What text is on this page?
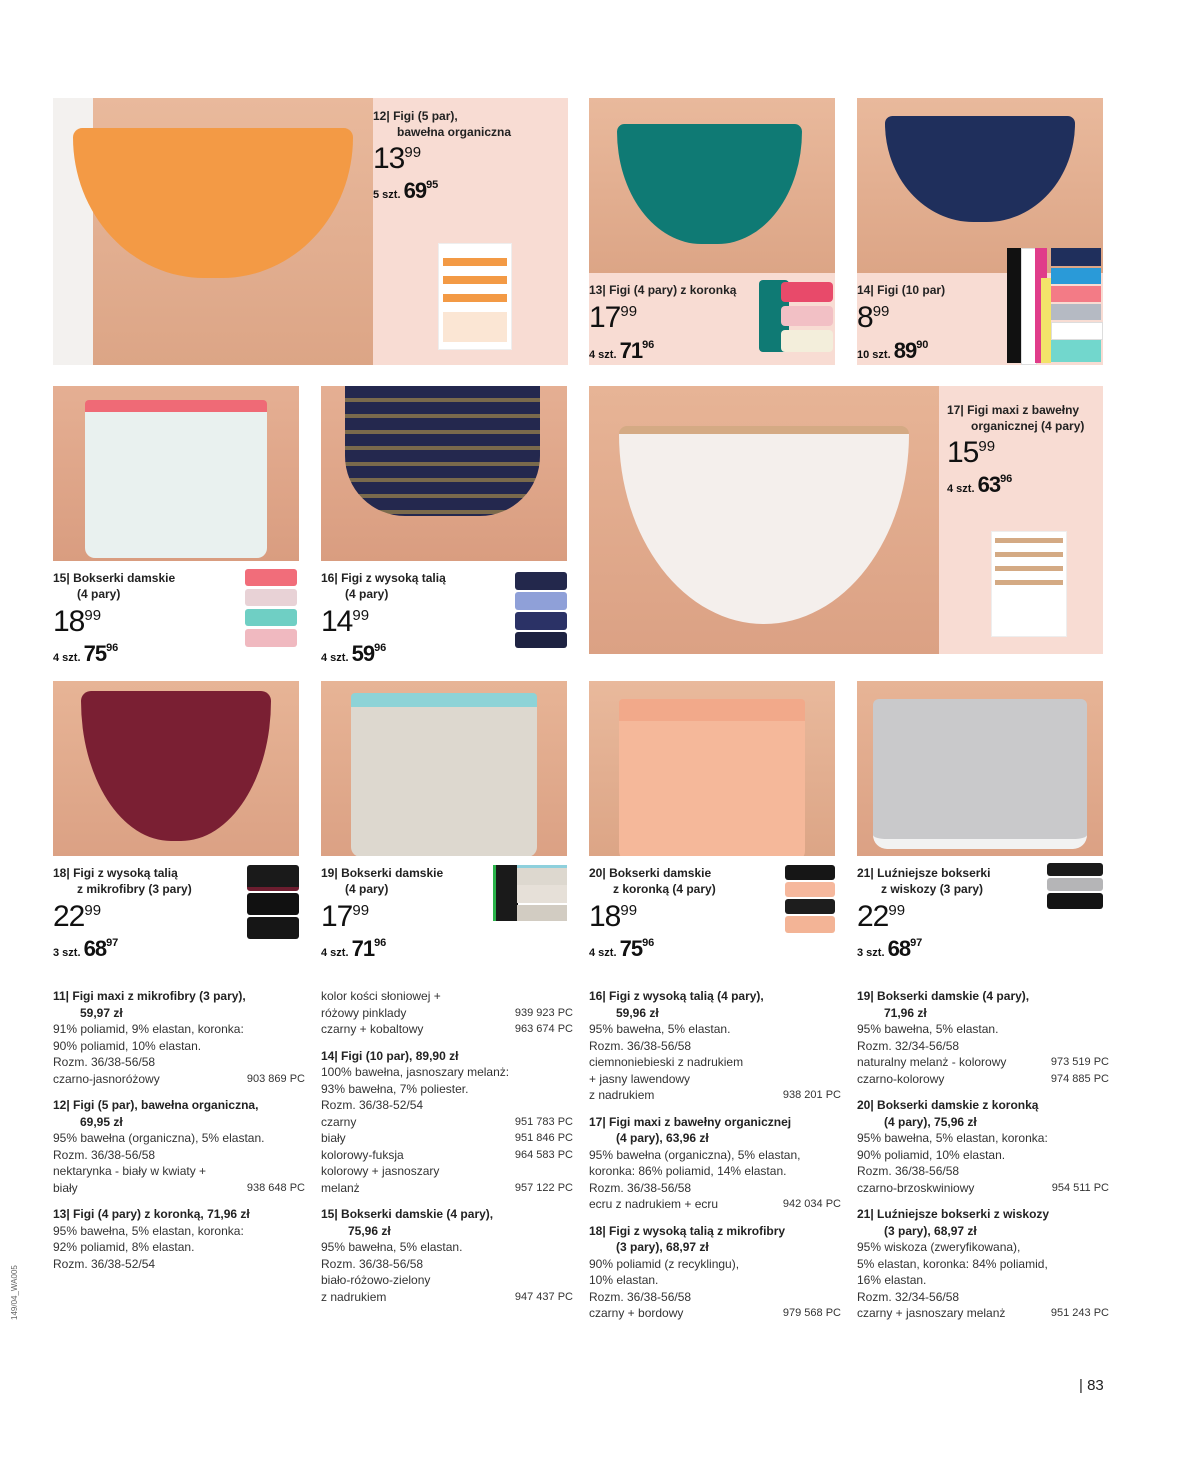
12| Figi (5 par),
bawełna organiczna
$13^{99}$
5 szt. $69^{95}$
13| Figi (4 pary) z koronką
$17^{99}$
4 szt. $71^{96}$
14| Figi (10 par)
$8^{99}$
10 szt. $89^{90}$
15| Bokserki damskie
(4 pary)
$18^{99}$
4 szt. $75^{96}$
16| Figi z wysoką talią
(4 pary)
$14^{99}$
4 szt. $59^{96}$
17| Figi maxi z bawełny
organicznej (4 pary)
$15^{99}$
4 szt. $63^{96}$
18| Figi z wysoką talią
z mikrofibry (3 pary)
$22^{99}$
3 szt. $68^{97}$
19| Bokserki damskie
(4 pary)
$17^{99}$
4 szt. $71^{96}$
20| Bokserki damskie
z koronką (4 pary)
$18^{99}$
4 szt. $75^{96}$
21| Luźniejsze bokserki
z wiskozy (3 pary)
$22^{99}$
3 szt. $68^{97}$
11| Figi maxi z mikrofibry (3 pary),
59,97 zł
91% poliamid, 9% elastan, koronka:
90% poliamid, 10% elastan.
Rozm. 36/38-56/58
czarno-jasnoróżowy	903 869 PC
12| Figi (5 par), bawełna organiczna,
69,95 zł
95% bawełna (organiczna), 5% elastan.
Rozm. 36/38-56/58
nektarynka - biały w kwiaty +
biały	938 648 PC
13| Figi (4 pary) z koronką, 71,96 zł
95% bawełna, 5% elastan, koronka:
92% poliamid, 8% elastan.
Rozm. 36/38-52/54
kolor kości słoniowej +
różowy pinklady	939 923 PC
czarny + kobaltowy	963 674 PC
14| Figi (10 par), 89,90 zł
100% bawełna, jasnoszary melanż:
93% bawełna, 7% poliester.
Rozm. 36/38-52/54
czarny	951 783 PC
biały	951 846 PC
kolorowy-fuksja	964 583 PC
kolorowy + jasnoszary
melanż	957 122 PC
15| Bokserki damskie (4 pary),
75,96 zł
95% bawełna, 5% elastan.
Rozm. 36/38-56/58
biało-różowo-zielony
z nadrukiem	947 437 PC
16| Figi z wysoką talią (4 pary),
59,96 zł
95% bawełna, 5% elastan.
Rozm. 36/38-56/58
ciemnoniebieski z nadrukiem
+ jasny lawendowy
z nadrukiem	938 201 PC
17| Figi maxi z bawełny organicznej
(4 pary), 63,96 zł
95% bawełna (organiczna), 5% elastan,
koronka: 86% poliamid, 14% elastan.
Rozm. 36/38-56/58
ecru z nadrukiem + ecru	942 034 PC
18| Figi z wysoką talią z mikrofibry
(3 pary), 68,97 zł
90% poliamid (z recyklingu),
10% elastan.
Rozm. 36/38-56/58
czarny + bordowy	979 568 PC
19| Bokserki damskie (4 pary),
71,96 zł
95% bawełna, 5% elastan.
Rozm. 32/34-56/58
naturalny melanż - kolorowy	973 519 PC
czarno-kolorowy	974 885 PC
20| Bokserki damskie z koronką
(4 pary), 75,96 zł
95% bawełna, 5% elastan, koronka:
90% poliamid, 10% elastan.
Rozm. 36/38-56/58
czarno-brzoskwiniowy	954 511 PC
21| Luźniejsze bokserki z wiskozy
(3 pary), 68,97 zł
95% wiskoza (zweryfikowana),
5% elastan, koronka: 84% poliamid,
16% elastan.
Rozm. 32/34-56/58
czarny + jasnoszary melanż	951 243 PC
| 83
149/04_WA005
